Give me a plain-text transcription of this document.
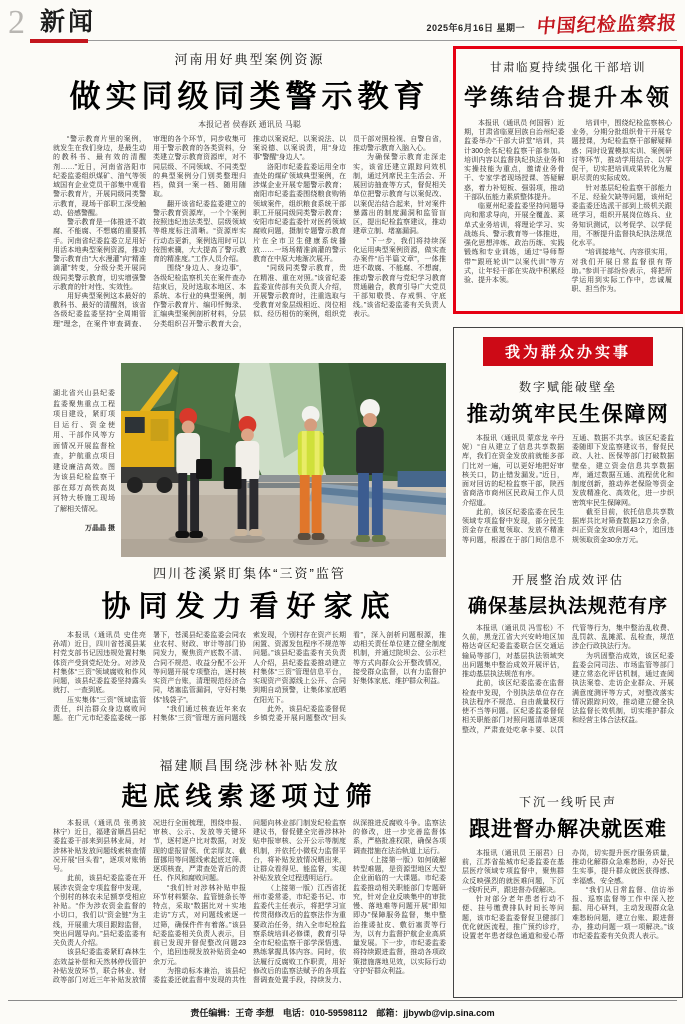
2 新闻	2025年6月16日 星期一 中国纪检监察报
河南用好典型案例资源
做实同级同类警示教育
本报记者 侯春跃 通讯员 马聪

“警示教育片里的案例，就发生在我们身边，是最生动的教科书、最有效的清醒剂……”近日，河南省洛阳市纪委监委组织煤矿、油气等领域国有企业党员干部集中观看警示教育片，开展同级同类警示教育，现场干部职工深受触动、倍感警醒。

警示教育是一体推进不敢腐、不能腐、不想腐的重要抓手。河南省纪委监委立足用好用活本地典型案例资源，推动警示教育由“大水漫灌”向“精准滴灌”转变，分级分类开展同级同类警示教育，切实增强警示教育的针对性、实效性。

用好典型案例这本最好的教科书、最好的清醒剂，该省各级纪委监委坚持“全周期管理”理念，在案件审查调查、审理的各个环节，同步收集可用于警示教育的各类资料，分类建立警示教育资源库，对不同层级、不同领域、不同类型的典型案例分门别类整理归档，做到一案一档、随用随取。

翻开该省纪委监委建立的警示教育资源库，一个个案例按照违纪违法类型、层级领域等维度标注清晰。“资源库实行动态更新，案例选用时可以按图索骥，大大提高了警示教育的精准度。”工作人员介绍。

围绕“身边人、身边事”，各级纪检监察机关在案件查办结束后，及时选取本地区、本系统、本行业的典型案例，制作警示教育片、编印忏悔录、汇编典型案例剖析材料，分层分类组织召开警示教育大会，推动以案说纪、以案说法、以案说德、以案说责，用“身边事”警醒“身边人”。

洛阳市纪委监委运用全市查处的煤矿领域典型案例，在涉煤企业开展专题警示教育；南阳市纪委监委围绕粮食购销领域案件，组织粮食系统干部职工开展同级同类警示教育；安阳市纪委监委针对医药领域腐败问题，摄制专题警示教育片在全市卫生健康系统播放……一场场精准滴灌的警示教育在中原大地渐次展开。

“同级同类警示教育，贵在精准、重在对照。”该省纪委监委宣传部有关负责人介绍，开展警示教育时，注重选取与受教育对象层级相近、岗位相似、经历相仿的案例，组织党员干部对照检视、自警自省，推动警示教育入脑入心。

为确保警示教育走深走实，该省还建立跟踪问效机制，通过列席民主生活会、开展回访抽查等方式，督促相关单位把警示教育与以案促改、以案促治结合起来，针对案件暴露出的制度漏洞和监管盲区，提出纪检监察建议，推动建章立制、堵塞漏洞。

“下一步，我们将持续深化运用典型案例资源，做实查办案件“后半篇文章”，一体推进不敢腐、不能腐、不想腐，推动警示教育与党纪学习教育贯通融合，教育引导广大党员干部知敬畏、存戒惧、守底线。”该省纪委监委有关负责人表示。

湖北省兴山县纪委监委聚焦重点工程项目建设，紧盯项目运行、资金使用、干部作风等方面情况开展监督检查，护航重点项目建设廉洁高效。图为该县纪检监察干部在郑万高铁高岚河特大桥施工现场了解相关情况。
万晶晶 摄
四川苍溪紧盯集体“三资”监管
协同发力看好家底

本报讯（通讯员 史佳亮 孙靖）近日，四川省苍溪县某村党支部书记因违规处置村集体资产受到党纪处分。对涉及村集体“三资”领域腐败和作风问题，该县纪委监委坚持露头就打、一查到底。

压实集体“三资”领域监管责任，纠治群众身边腐败问题。在广元市纪委监委统一部署下，苍溪县纪委监委会同农业农村、财政、审计等部门协同发力，聚焦资产底数不清、合同不规范、收益分配不公开等问题开展专项整治，逐村核实资产台账，清理规范经济合同，堵塞监管漏洞，守好村集体“钱袋子”。

“我们通过核查近年来农村集体“三资”管理方面问题线索发现，个别村存在资产长期闲置、资源发包程序不规范等问题。”该县纪委监委有关负责人介绍，县纪委监委推动建立村集体“三资”管理信息平台，实现资产资源线上公开、合同到期自动预警，让集体家底晒在阳光下。

此外，该县纪委监委督促乡镇党委开展问题整改“回头看”，深入剖析问题根源，推动相关责任单位建立健全制度机制，并通过院坝会、公示栏等方式向群众公开整改情况，接受群众监督，以有力监督护好集体家底、维护群众利益。

福建顺昌围绕涉林补贴发放
起底线索逐项过筛

本报讯（通讯员 张勇波 林宁）近日，福建省顺昌县纪委监委干部来到县林业局，对涉林补贴发放问题线索核查情况开展“回头看”，逐项对账销号。

此前，该县纪委监委在开展涉农资金专项监督中发现，个别村的林农未足额享受相应补贴。“作为涉农资金监督的小切口，我们以“资金链”为主线，开展重大项目跟踪监督，突出问题导向。”县纪委监委有关负责人介绍。

该县纪委监委紧盯森林生态效益补偿和天然林停伐管护补贴发放环节，联合林业、财政等部门对近三年补贴发放情况进行全面梳理，围绕申报、审核、公示、发放等关键环节，逐村逐户比对数据，对发现的虚报冒领、优亲厚友、截留挪用等问题线索起底过筛、逐项核查，严肃查处背后的责任、作风和腐败问题。

“我们针对涉林补贴申报环节材料繁杂、监管链条长等特点，采取“数据比对＋实地走访”方式，对问题线索逐一过筛，确保件件有着落。”该县纪委监委相关负责人表示，目前已发现并督促整改问题23个，追回违规发放补贴资金40余万元。

为推动标本兼治，该县纪委监委还就监督中发现的共性问题向林业部门制发纪检监察建议书，督促健全完善涉林补贴申报审核、公开公示等制度机制，并依托小微权力监督平台，将补贴发放情况晒出来，让群众看得见、能监督，实现补贴发放全过程透明运行。

（上接第一版）江西省抚州市委常委，市纪委书记、市监委代主任表示，将把学习宣传贯彻修改后的监察法作为重要政治任务，纳入全市纪检监察系统培训必修课，教育引导全市纪检监察干部学深悟透、熟练掌握具体内容。同时，依法履行反腐败工作职责，用好修改后的监察法赋予的各项监督调查处置手段，持续发力、纵深推进反腐败斗争。监察法的修改，进一步完善监督体系，严格批准权限，确保各项调查措施在法治轨道上运行。

（上接第一版）如何破解转型难题，是资源型地区大型企业面临的一大课题。市纪委监委推动相关职能部门专题研究，针对企业反映集中的审批慢、落地难等问题开展“即知即办”保障服务监督，集中整治推诿扯皮、敷衍塞责等行为，以有力监督护航企业高质量发展。下一步，市纪委监委将持续跟进监督，推动各项政策措施落地见效，以实际行动守护好群众利益。

甘肃临夏持续强化干部培训
学练结合提升本领

本报讯（通讯员 何国蓉）近期，甘肃省临夏回族自治州纪委监委举办“干部大讲堂”培训，共计300余名纪检监察干部参加。培训内容以监督执纪执法业务和实操技能为重点，邀请业务骨干、专家学者现场授课、答疑解惑，着力补短板、强弱项，推动干部队伍能力素质整体提升。

临夏州纪委监委坚持问题导向和需求导向，开展全覆盖、菜单式业务培训，将理论学习、实战练兵、警示教育等一体推进，强化思想淬炼、政治历练、实践锻炼和专业训练，通过“导师帮带”“跟班轮训”“以案代训”等方式，让年轻干部在实战中积累经验、提升本领。

培训中，围绕纪检监察核心业务，分期分批组织骨干开展专题授课，为纪检监察干部解疑释惑；同时设置模拟实训、案例研讨等环节，推动学用结合、以学促干，切实把培训成果转化为履职尽责的实际成效。

针对基层纪检监察干部能力不足、经验欠缺等问题，该州纪委监委还选派干部到上级机关跟班学习，组织开展岗位练兵、业务知识测试，以考促学、以学促用，不断提升监督执纪执法规范化水平。

“培训接地气、内容很实用，对我们开展日常监督很有帮助。”参训干部纷纷表示，将把所学运用到实际工作中，忠诚履职、担当作为。

我为群众办实事
数字赋能破壁垒
推动筑牢民生保障网

本报讯（通讯员 蒙彦龙 辛丹妮）“自从建立了信息共享数据库，我们在资金发放前就能多部门比对一遍，可以更好地把好审核关口，防止错发漏发。”近日，面对回访的纪检监察干部，陕西省商洛市商州区民政局工作人员介绍道。

此前，该区纪委监委在民生领域专项监督中发现，部分民生资金存在重复领取、发放不精准等问题，根源在于部门间信息不互通、数据不共享。该区纪委监委随即下发监察建议书，督促民政、人社、医保等部门打破数据壁垒，建立资金信息共享数据库，通过数据互通、流程优化和制度创新，推动养老保险等资金发放精准化、高效化，进一步织密筑牢民生保障网。

截至目前，依托信息共享数据库共比对筛查数据12万余条，纠正资金发放问题43个，追回违规领取资金30余万元。

开展整治成效评估
确保基层执法规范有序

本报讯（通讯员 冯雪松）不久前，黑龙江省大兴安岭地区加格达奇区纪委监委联合区交通运输局等部门，对基层执法领域突出问题集中整治成效开展评估，推动基层执法规范有序。

此前，该区纪委监委在监督检查中发现，个别执法单位存在执法程序不规范、自由裁量权行使不当等问题。区纪委监委督促相关职能部门对照问题清单逐项整改，严肃查处吃拿卡要、以罚代管等行为，集中整治乱收费、乱罚款、乱摊派、乱检查，规范涉企行政执法行为。

为巩固整治成效，该区纪委监委会同司法、市场监管等部门建立常态化评估机制，通过查阅执法案卷、走访企业群众、开展满意度测评等方式，对整改落实情况跟踪问效，推动建立健全执法监督长效机制，切实维护群众和经营主体合法权益。

下沉一线听民声
跟进督办解决就医难

本报讯（通讯员 王丽君）日前，江苏省盐城市纪委监委在基层医疗领域专项监督中，聚焦群众反映强烈的就医难问题，下沉一线听民声，跟进督办促解决。

针对部分老年患者行动不便、挂号缴费排队时间长等问题，该市纪委监委督促卫健部门优化就医流程，推广预约诊疗，设置老年患者绿色通道和爱心帮办岗，切实提升医疗服务质量，推动化解群众急难愁盼，办好民生实事，提升群众就医获得感、幸福感、安全感。

“我们从日常监督、信访举报、巡察监督等工作中深入挖掘、用心研判，主动发现群众急难愁盼问题，建立台账、跟进督办，推动问题一项一项解决。”该市纪委监委有关负责人表示。

责任编辑：王奇 李想　电话：010-59598112　邮箱：jjbywb@vip.sina.com
